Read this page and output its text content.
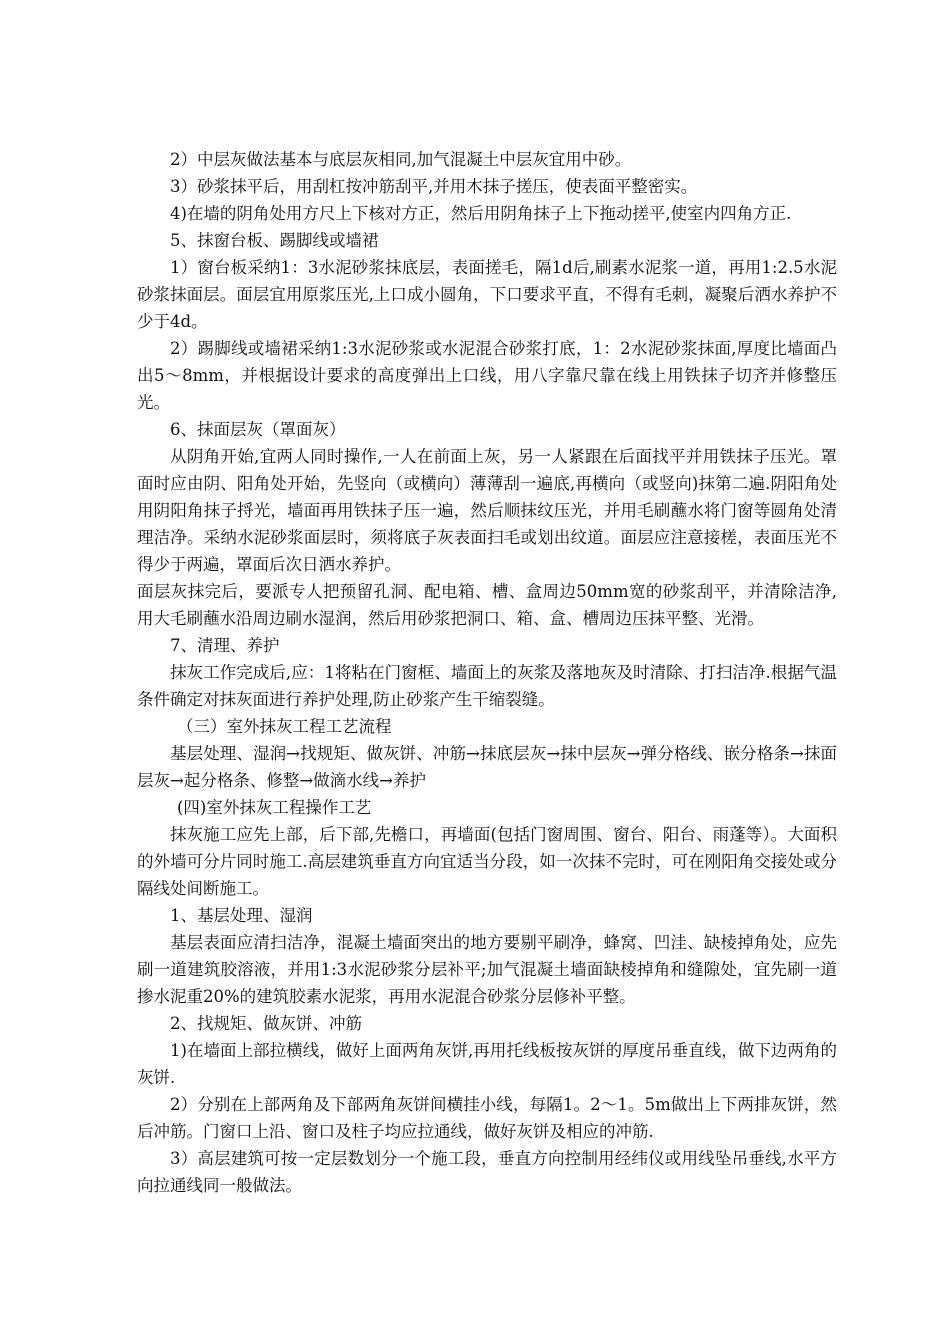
2）中层灰做法基本与底层灰相同,加气混凝土中层灰宜用中砂。

3）砂浆抹平后，用刮杠按冲筋刮平,并用木抹子搓压，使表面平整密实。

4)在墙的阴角处用方尺上下核对方正，然后用阴角抹子上下拖动搓平,使室内四角方正.

5、抹窗台板、踢脚线或墙裙

1）窗台板采纳1：3水泥砂浆抹底层，表面搓毛，隔1d后,刷素水泥浆一道，再用1:2.5水泥砂浆抹面层。面层宜用原浆压光,上口成小圆角，下口要求平直，不得有毛刺，凝聚后洒水养护不少于4d。

2）踢脚线或墙裙采纳1:3水泥砂浆或水泥混合砂浆打底，1：2水泥砂浆抹面,厚度比墙面凸出5～8mm，并根据设计要求的高度弹出上口线，用八字靠尺靠在线上用铁抹子切齐并修整压光。

6、抹面层灰（罩面灰）

从阴角开始,宜两人同时操作,一人在前面上灰，另一人紧跟在后面找平并用铁抹子压光。罩面时应由阴、阳角处开始，先竖向（或横向）薄薄刮一遍底,再横向（或竖向)抹第二遍.阴阳角处用阴阳角抹子捋光，墙面再用铁抹子压一遍，然后顺抹纹压光，并用毛刷蘸水将门窗等圆角处清理洁净。采纳水泥砂浆面层时，须将底子灰表面扫毛或划出纹道。面层应注意接槎，表面压光不得少于两遍，罩面后次日洒水养护。

面层灰抹完后，要派专人把预留孔洞、配电箱、槽、盒周边50mm宽的砂浆刮平，并清除洁净,用大毛刷蘸水沿周边刷水湿润，然后用砂浆把洞口、箱、盒、槽周边压抹平整、光滑。

7、清理、养护

抹灰工作完成后,应：1将粘在门窗框、墙面上的灰浆及落地灰及时清除、打扫洁净.根据气温条件确定对抹灰面进行养护处理,防止砂浆产生干缩裂缝。

（三）室外抹灰工程工艺流程

基层处理、湿润→找规矩、做灰饼、冲筋→抹底层灰→抹中层灰→弹分格线、嵌分格条→抹面层灰→起分格条、修整→做滴水线→养护

(四)室外抹灰工程操作工艺

抹灰施工应先上部，后下部,先檐口，再墙面(包括门窗周围、窗台、阳台、雨蓬等）。大面积的外墙可分片同时施工.高层建筑垂直方向宜适当分段，如一次抹不完时，可在刚阳角交接处或分隔线处间断施工。

1、基层处理、湿润

基层表面应清扫洁净，混凝土墙面突出的地方要剔平刷净，蜂窝、凹洼、缺棱掉角处，应先刷一道建筑胶溶液，并用1:3水泥砂浆分层补平;加气混凝土墙面缺棱掉角和缝隙处，宜先刷一道掺水泥重20%的建筑胶素水泥浆，再用水泥混合砂浆分层修补平整。

2、找规矩、做灰饼、冲筋

1)在墙面上部拉横线，做好上面两角灰饼,再用托线板按灰饼的厚度吊垂直线，做下边两角的灰饼.

2）分别在上部两角及下部两角灰饼间横挂小线，每隔1。2～1。5m做出上下两排灰饼，然后冲筋。门窗口上沿、窗口及柱子均应拉通线，做好灰饼及相应的冲筋.

3）高层建筑可按一定层数划分一个施工段，垂直方向控制用经纬仪或用线坠吊垂线,水平方向拉通线同一般做法。
